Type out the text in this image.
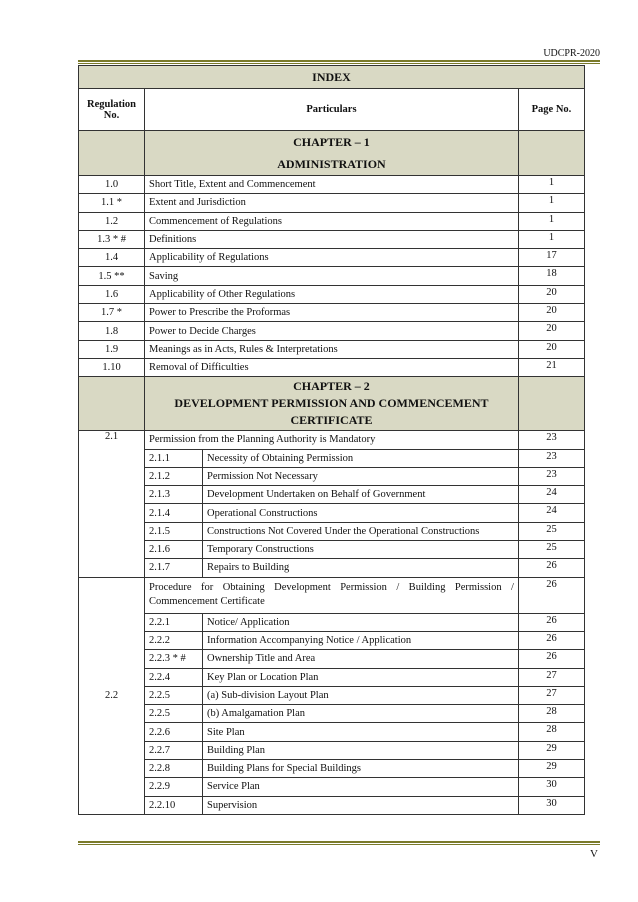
UDCPR-2020
INDEX			
Regulation No.	Particulars		Page No.

	CHAPTER – 1
ADMINISTRATION		

1.0	Short Title, Extent and Commencement		1
1.1 *	Extent and Jurisdiction		1
1.2	Commencement of Regulations		1
1.3 * #	Definitions		1
1.4	Applicability of Regulations		17
1.5 **	Saving		18
1.6	Applicability of Other Regulations		20
1.7 *	Power to Prescribe the Proformas		20
1.8	Power to Decide Charges		20
1.9	Meanings as in Acts, Rules & Interpretations		20
1.10	Removal of Difficulties		21

	CHAPTER – 2
DEVELOPMENT PERMISSION AND COMMENCEMENT CERTIFICATE		

2.1	Permission from the Planning Authority is Mandatory		23
	2.1.1	Necessity of Obtaining Permission	23
	2.1.2	Permission Not Necessary	23
	2.1.3	Development Undertaken on Behalf of Government	24
	2.1.4	Operational Constructions	24
	2.1.5	Constructions Not Covered Under the Operational Constructions	25
	2.1.6	Temporary Constructions	25
	2.1.7	Repairs to Building	26
2.2	Procedure for Obtaining Development Permission / Building Permission / Commencement Certificate		26
	2.2.1	Notice/ Application	26
	2.2.2	Information Accompanying Notice / Application	26
	2.2.3 * #	Ownership Title and Area	26
	2.2.4	Key Plan or Location Plan	27
	2.2.5	(a) Sub-division Layout Plan	27
	2.2.5	(b) Amalgamation Plan	28
	2.2.6	Site Plan	28
	2.2.7	Building Plan	29
	2.2.8	Building Plans for Special Buildings	29
	2.2.9	Service Plan	30
	2.2.10	Supervision	30
V
